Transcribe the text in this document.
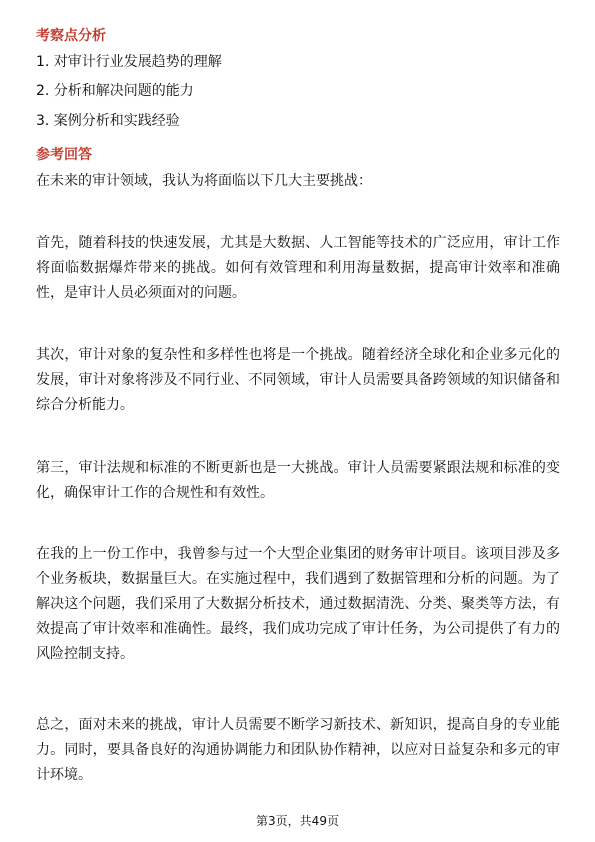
考察点分析
1. 对审计行业发展趋势的理解
2. 分析和解决问题的能力
3. 案例分析和实践经验
参考回答

在未来的审计领域，我认为将面临以下几大主要挑战：

首先，随着科技的快速发展，尤其是大数据、人工智能等技术的广泛应用，审计工作将面临数据爆炸带来的挑战。如何有效管理和利用海量数据，提高审计效率和准确性，是审计人员必须面对的问题。

其次，审计对象的复杂性和多样性也将是一个挑战。随着经济全球化和企业多元化的发展，审计对象将涉及不同行业、不同领域，审计人员需要具备跨领域的知识储备和综合分析能力。

第三，审计法规和标准的不断更新也是一大挑战。审计人员需要紧跟法规和标准的变化，确保审计工作的合规性和有效性。

在我的上一份工作中，我曾参与过一个大型企业集团的财务审计项目。该项目涉及多个业务板块，数据量巨大。在实施过程中，我们遇到了数据管理和分析的问题。为了解决这个问题，我们采用了大数据分析技术，通过数据清洗、分类、聚类等方法，有效提高了审计效率和准确性。最终，我们成功完成了审计任务，为公司提供了有力的风险控制支持。

总之，面对未来的挑战，审计人员需要不断学习新技术、新知识，提高自身的专业能力。同时，要具备良好的沟通协调能力和团队协作精神，以应对日益复杂和多元的审计环境。

第3页，共49页
